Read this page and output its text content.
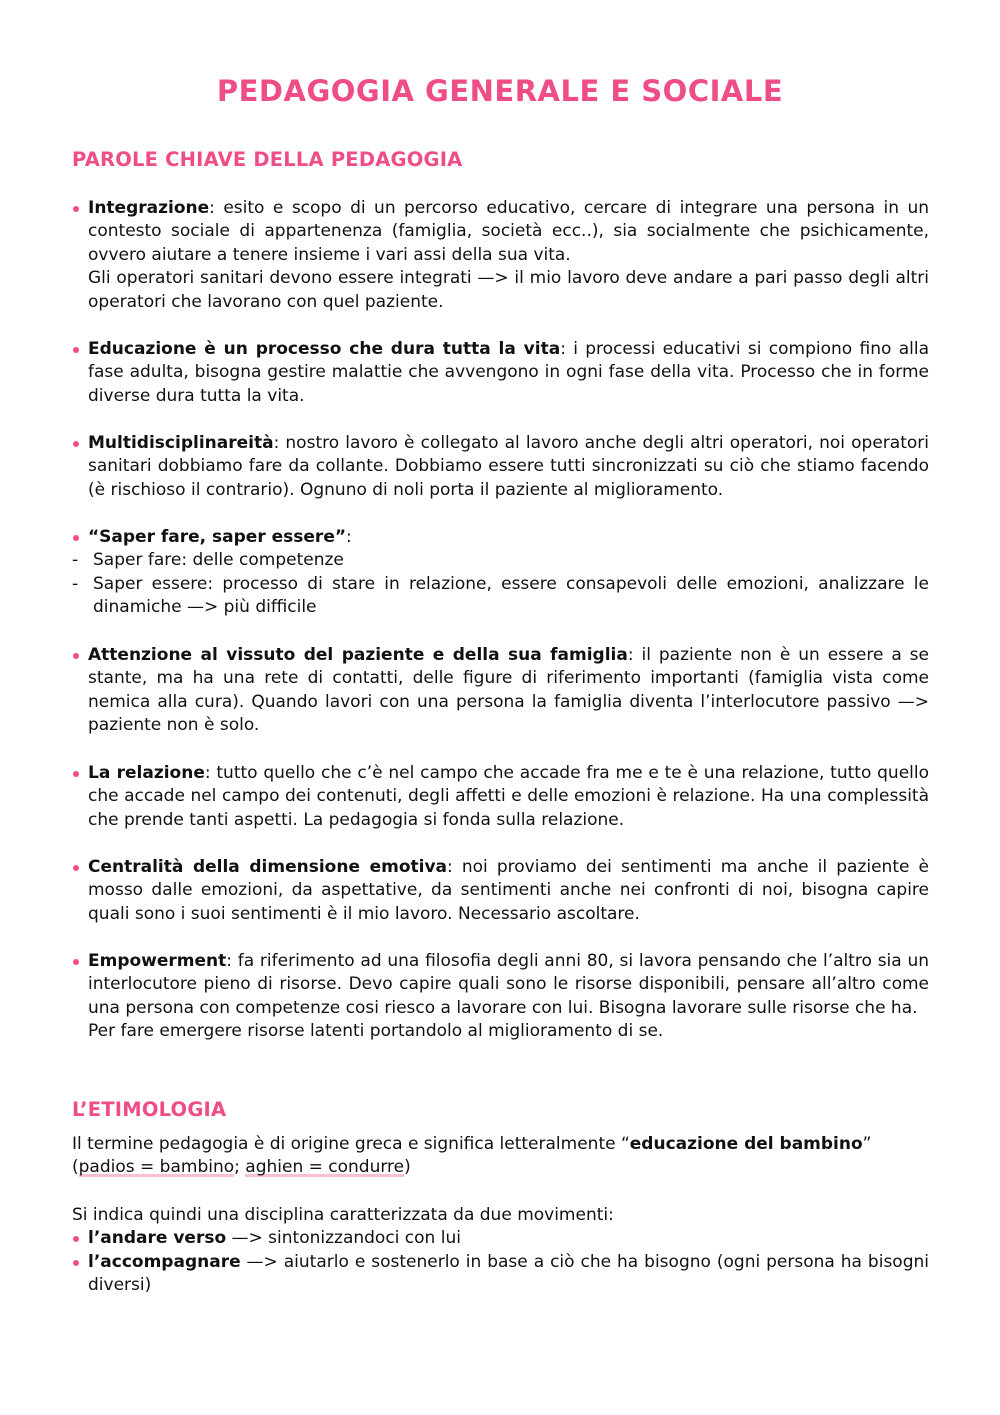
PEDAGOGIA GENERALE E SOCIALE
PAROLE CHIAVE DELLA PEDAGOGIA
Integrazione: esito e scopo di un percorso educativo, cercare di integrare una persona in un contesto sociale di appartenenza (famiglia, società ecc..), sia socialmente che psichicamente, ovvero aiutare a tenere insieme i vari assi della sua vita.

Gli operatori sanitari devono essere integrati —> il mio lavoro deve andare a pari passo degli altri operatori che lavorano con quel paziente.

Educazione è un processo che dura tutta la vita: i processi educativi si compiono fino alla fase adulta, bisogna gestire malattie che avvengono in ogni fase della vita. Processo che in forme diverse dura tutta la vita.
Multidisciplinareità: nostro lavoro è collegato al lavoro anche degli altri operatori, noi operatori sanitari dobbiamo fare da collante. Dobbiamo essere tutti sincronizzati su ciò che stiamo facendo (è rischioso il contrario). Ognuno di noli porta il paziente al miglioramento.
“Saper fare, saper essere”:
- Saper fare: delle competenze
- Saper essere: processo di stare in relazione, essere consapevoli delle emozioni, analizzare le dinamiche —> più difficile
Attenzione al vissuto del paziente e della sua famiglia: il paziente non è un essere a se stante, ma ha una rete di contatti, delle figure di riferimento importanti (famiglia vista come nemica alla cura). Quando lavori con una persona la famiglia diventa l’interlocutore passivo —> paziente non è solo.
La relazione: tutto quello che c’è nel campo che accade fra me e te è una relazione, tutto quello che accade nel campo dei contenuti, degli affetti e delle emozioni è relazione. Ha una complessità che prende tanti aspetti. La pedagogia si fonda sulla relazione.
Centralità della dimensione emotiva: noi proviamo dei sentimenti ma anche il paziente è mosso dalle emozioni, da aspettative, da sentimenti anche nei confronti di noi, bisogna capire quali sono i suoi sentimenti è il mio lavoro. Necessario ascoltare.
Empowerment: fa riferimento ad una filosofia degli anni 80, si lavora pensando che l’altro sia un interlocutore pieno di risorse. Devo capire quali sono le risorse disponibili, pensare all’altro come una persona con competenze cosi riesco a lavorare con lui. Bisogna lavorare sulle risorse che ha.

Per fare emergere risorse latenti portandolo al miglioramento di se.

L’ETIMOLOGIA

Il termine pedagogia è di origine greca e significa letteralmente “educazione del bambino”

(padios = bambino; aghien = condurre)

Si indica quindi una disciplina caratterizzata da due movimenti:

l’andare verso —> sintonizzandoci con lui
l’accompagnare —> aiutarlo e sostenerlo in base a ciò che ha bisogno (ogni persona ha bisogni diversi)
